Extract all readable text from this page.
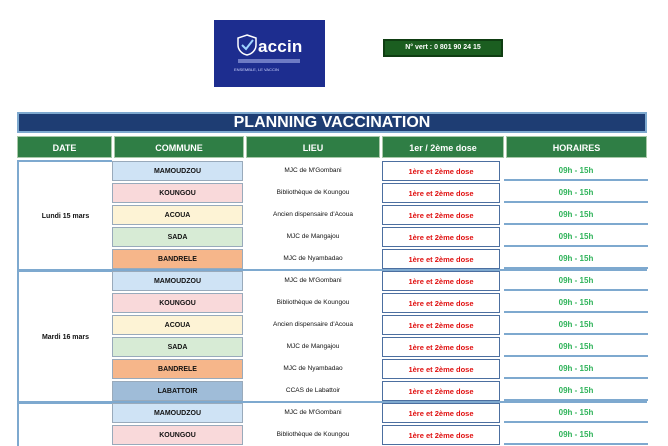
accin
ENSEMBLE, LE VACCIN
N° vert : 0 801 90 24 15
PLANNING VACCINATION
DATE	COMMUNE	LIEU	1er / 2ème dose	HORAIRES
Lundi 15 mars
MAMOUDZOU	MJC de M'Gombani	1ère et 2ème dose	09h - 15h
KOUNGOU	Bibliothèque de Koungou	1ère et 2ème dose	09h - 15h
ACOUA	Ancien dispensaire d'Acoua	1ère et 2ème dose	09h - 15h
SADA	MJC de Mangajou	1ère et 2ème dose	09h - 15h
BANDRELE	MJC de Nyambadao	1ère et 2ème dose	09h - 15h
Mardi 16 mars
MAMOUDZOU	MJC de M'Gombani	1ère et 2ème dose	09h - 15h
KOUNGOU	Bibliothèque de Koungou	1ère et 2ème dose	09h - 15h
ACOUA	Ancien dispensaire d'Acoua	1ère et 2ème dose	09h - 15h
SADA	MJC de Mangajou	1ère et 2ème dose	09h - 15h
BANDRELE	MJC de Nyambadao	1ère et 2ème dose	09h - 15h
LABATTOIR	CCAS de Labattoir	1ère et 2ème dose	09h - 15h
MAMOUDZOU	MJC de M'Gombani	1ère et 2ème dose	09h - 15h
KOUNGOU	Bibliothèque de Koungou	1ère et 2ème dose	09h - 15h
